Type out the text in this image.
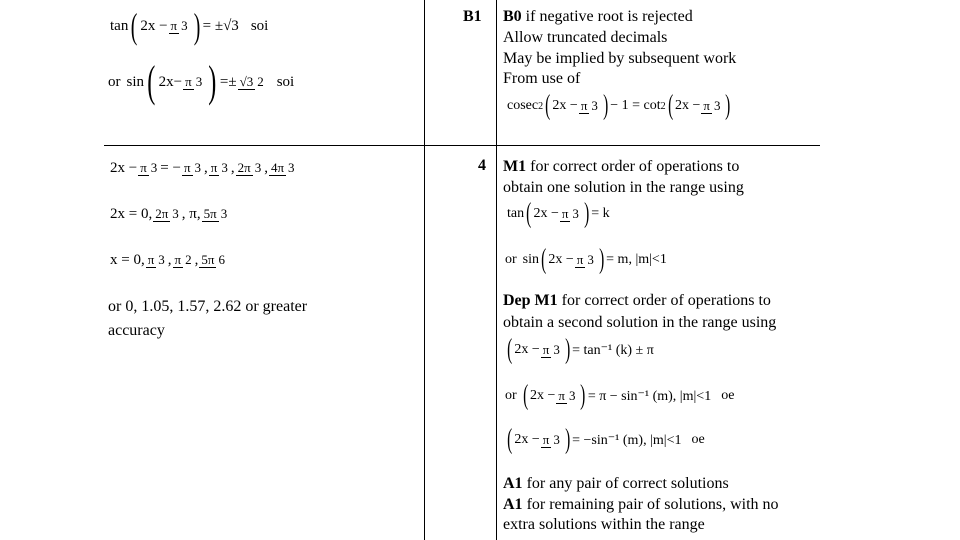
tan ( 2x − π 3 ) = ±√3 soi
or sin ( 2x− π 3 ) =± √3 2 soi
B1 B0 if negative root is rejected
Allow truncated decimals
May be implied by subsequent work
From use of
cosec 2 ( 2x − π 3 ) − 1 = cot 2 ( 2x − π 3 )
2x − π 3 = − π 3 , π 3 , 2π 3 , 4π 3
2x = 0, 2π 3 , π, 5π 3
x = 0, π 3 , π 2 , 5π 6
or 0, 1.05, 1.57, 2.62 or greater
accuracy
4 M1 for correct order of operations to
obtain one solution in the range using
tan ( 2x − π 3 ) = k
or sin ( 2x − π 3 ) = m, |m|<1
Dep M1 for correct order of operations to
obtain a second solution in the range using
( 2x − π 3 ) = tan⁻¹ (k) ± π
or ( 2x − π 3 ) = π − sin⁻¹ (m), |m|<1 oe
( 2x − π 3 ) = −sin⁻¹ (m), |m|<1 oe
A1 for any pair of correct solutions
A1 for remaining pair of solutions, with no
extra solutions within the range
